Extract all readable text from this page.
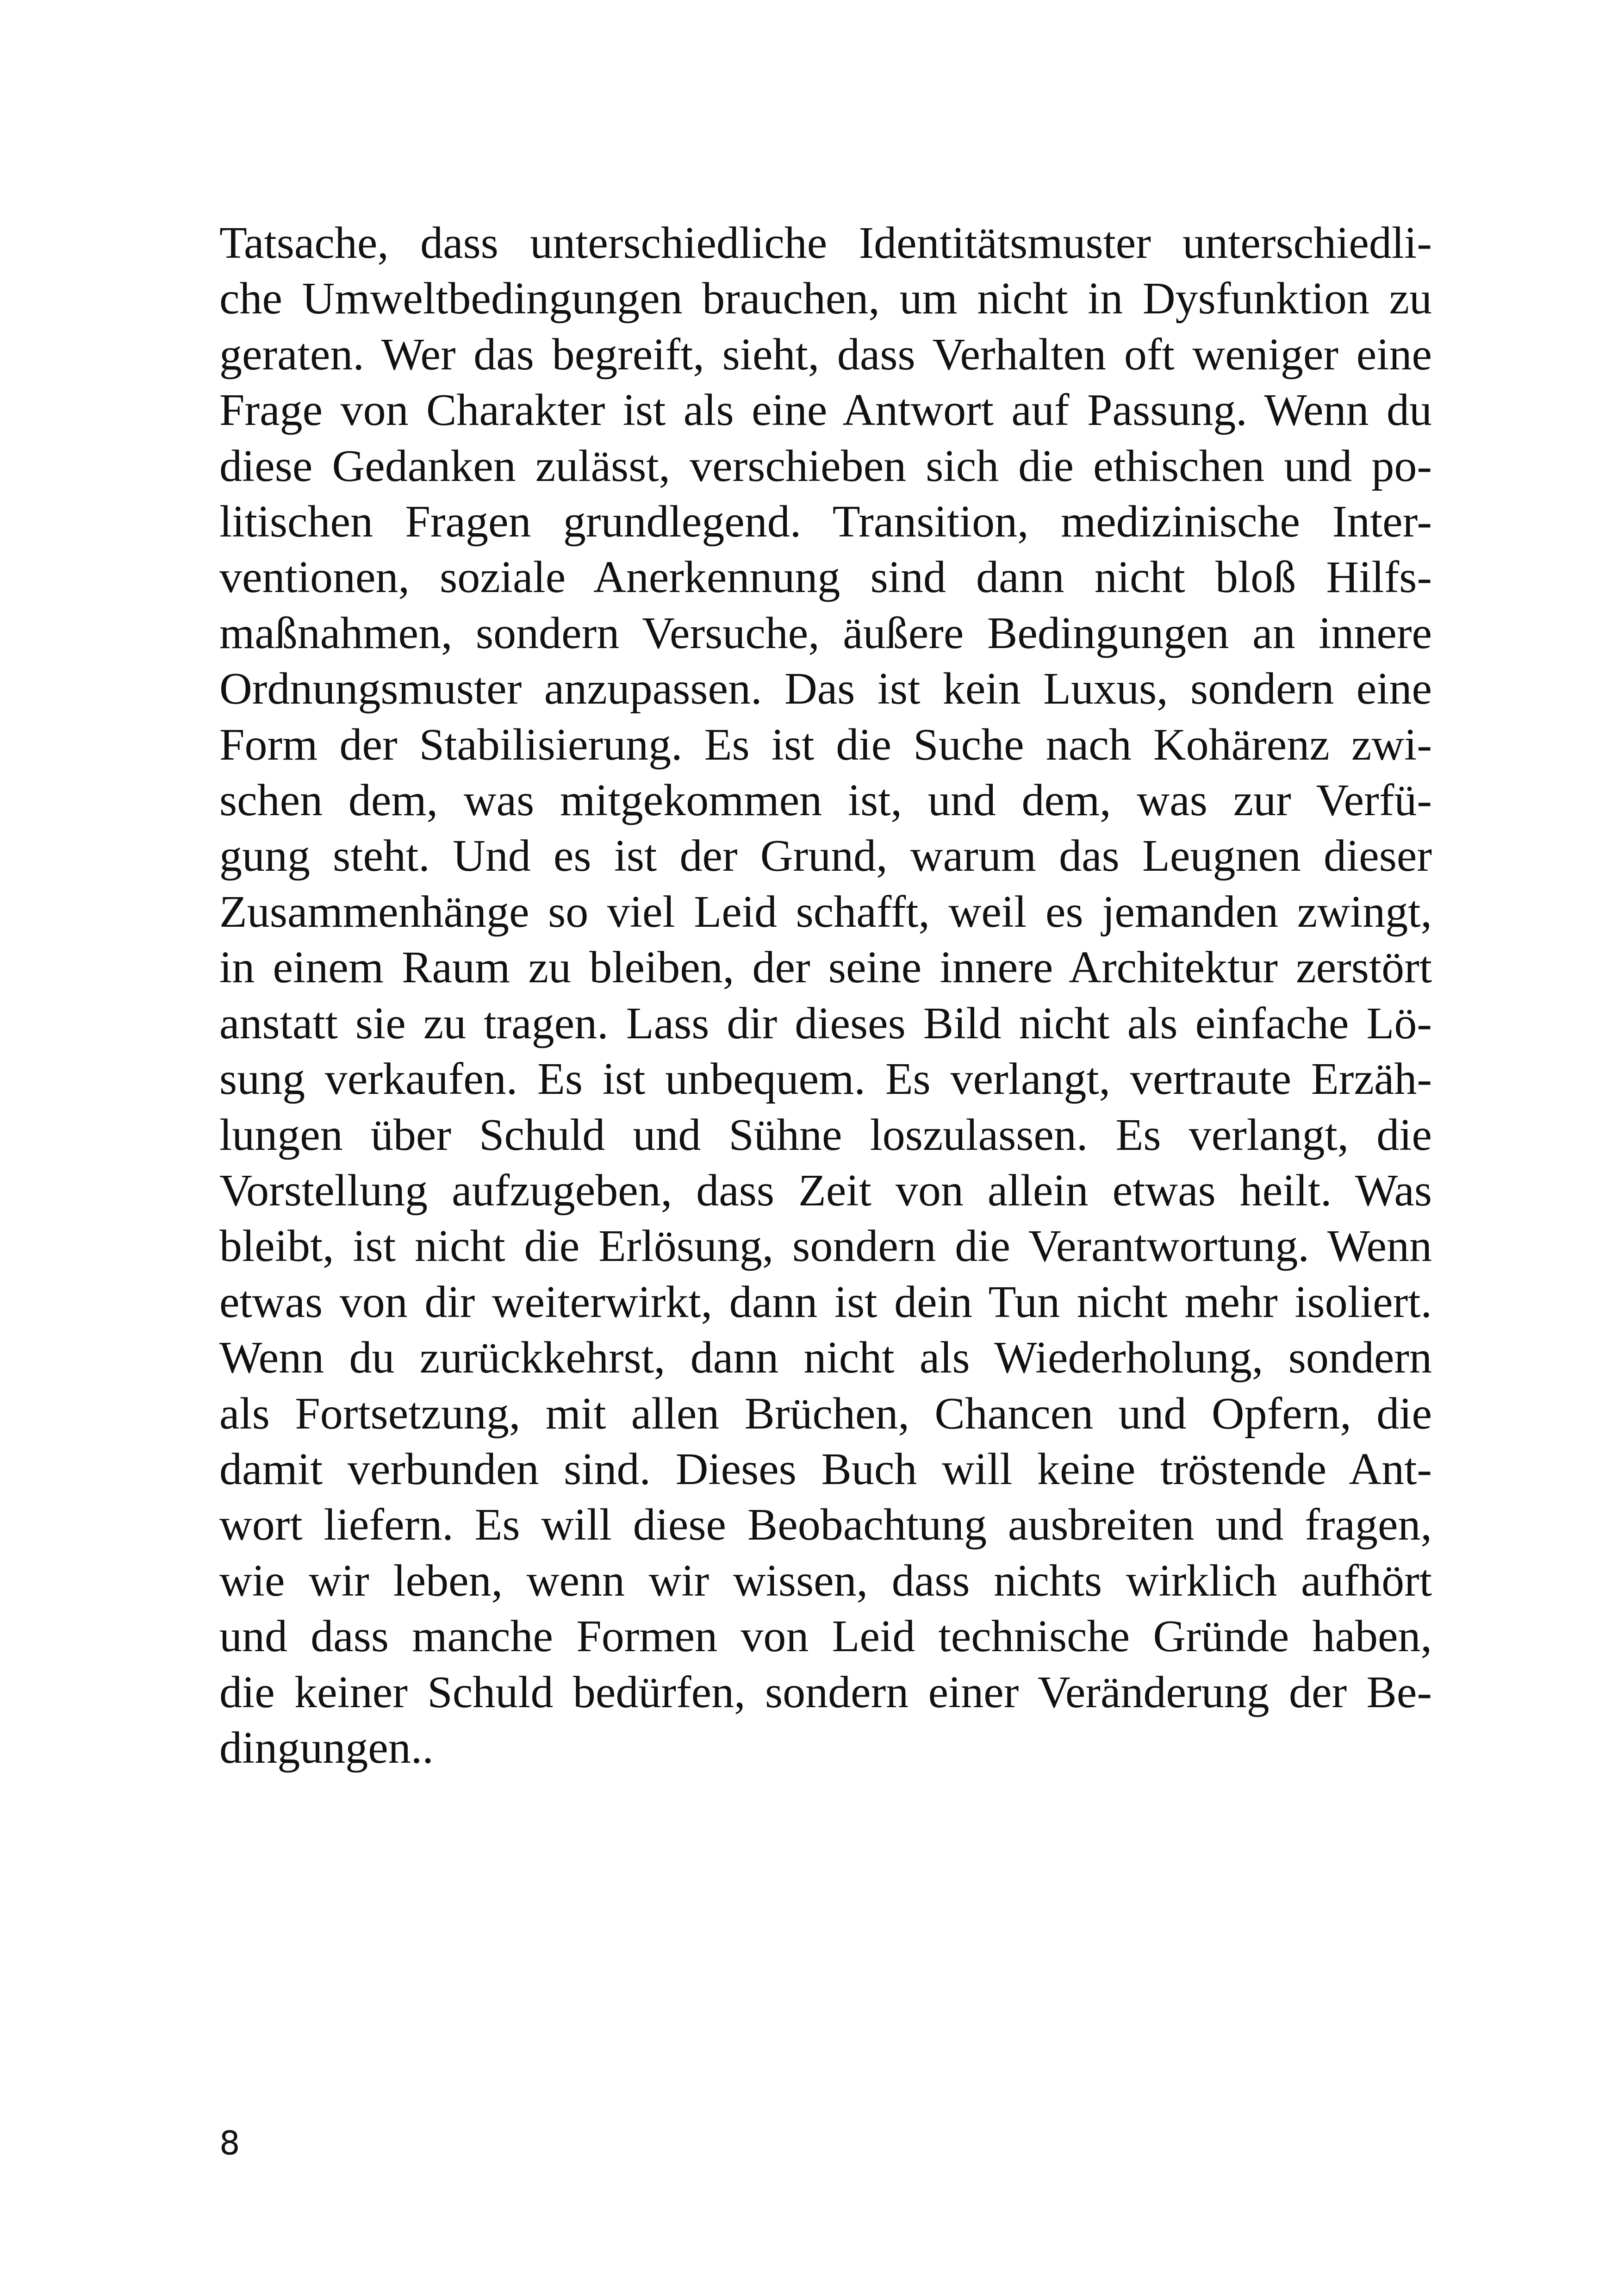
Tatsache, dass unterschiedliche Identitätsmuster unterschiedli-
che Umweltbedingungen brauchen, um nicht in Dysfunktion zu
geraten. Wer das begreift, sieht, dass Verhalten oft weniger eine
Frage von Charakter ist als eine Antwort auf Passung. Wenn du
diese Gedanken zulässt, verschieben sich die ethischen und po-
litischen Fragen grundlegend. Transition, medizinische Inter-
ventionen, soziale Anerkennung sind dann nicht bloß Hilfs-
maßnahmen, sondern Versuche, äußere Bedingungen an innere
Ordnungsmuster anzupassen. Das ist kein Luxus, sondern eine
Form der Stabilisierung. Es ist die Suche nach Kohärenz zwi-
schen dem, was mitgekommen ist, und dem, was zur Verfü-
gung steht. Und es ist der Grund, warum das Leugnen dieser
Zusammenhänge so viel Leid schafft, weil es jemanden zwingt,
in einem Raum zu bleiben, der seine innere Architektur zerstört
anstatt sie zu tragen. Lass dir dieses Bild nicht als einfache Lö-
sung verkaufen. Es ist unbequem. Es verlangt, vertraute Erzäh-
lungen über Schuld und Sühne loszulassen. Es verlangt, die
Vorstellung aufzugeben, dass Zeit von allein etwas heilt. Was
bleibt, ist nicht die Erlösung, sondern die Verantwortung. Wenn
etwas von dir weiterwirkt, dann ist dein Tun nicht mehr isoliert.
Wenn du zurückkehrst, dann nicht als Wiederholung, sondern
als Fortsetzung, mit allen Brüchen, Chancen und Opfern, die
damit verbunden sind. Dieses Buch will keine tröstende Ant-
wort liefern. Es will diese Beobachtung ausbreiten und fragen,
wie wir leben, wenn wir wissen, dass nichts wirklich aufhört
und dass manche Formen von Leid technische Gründe haben,
die keiner Schuld bedürfen, sondern einer Veränderung der Be-
dingungen..
8
